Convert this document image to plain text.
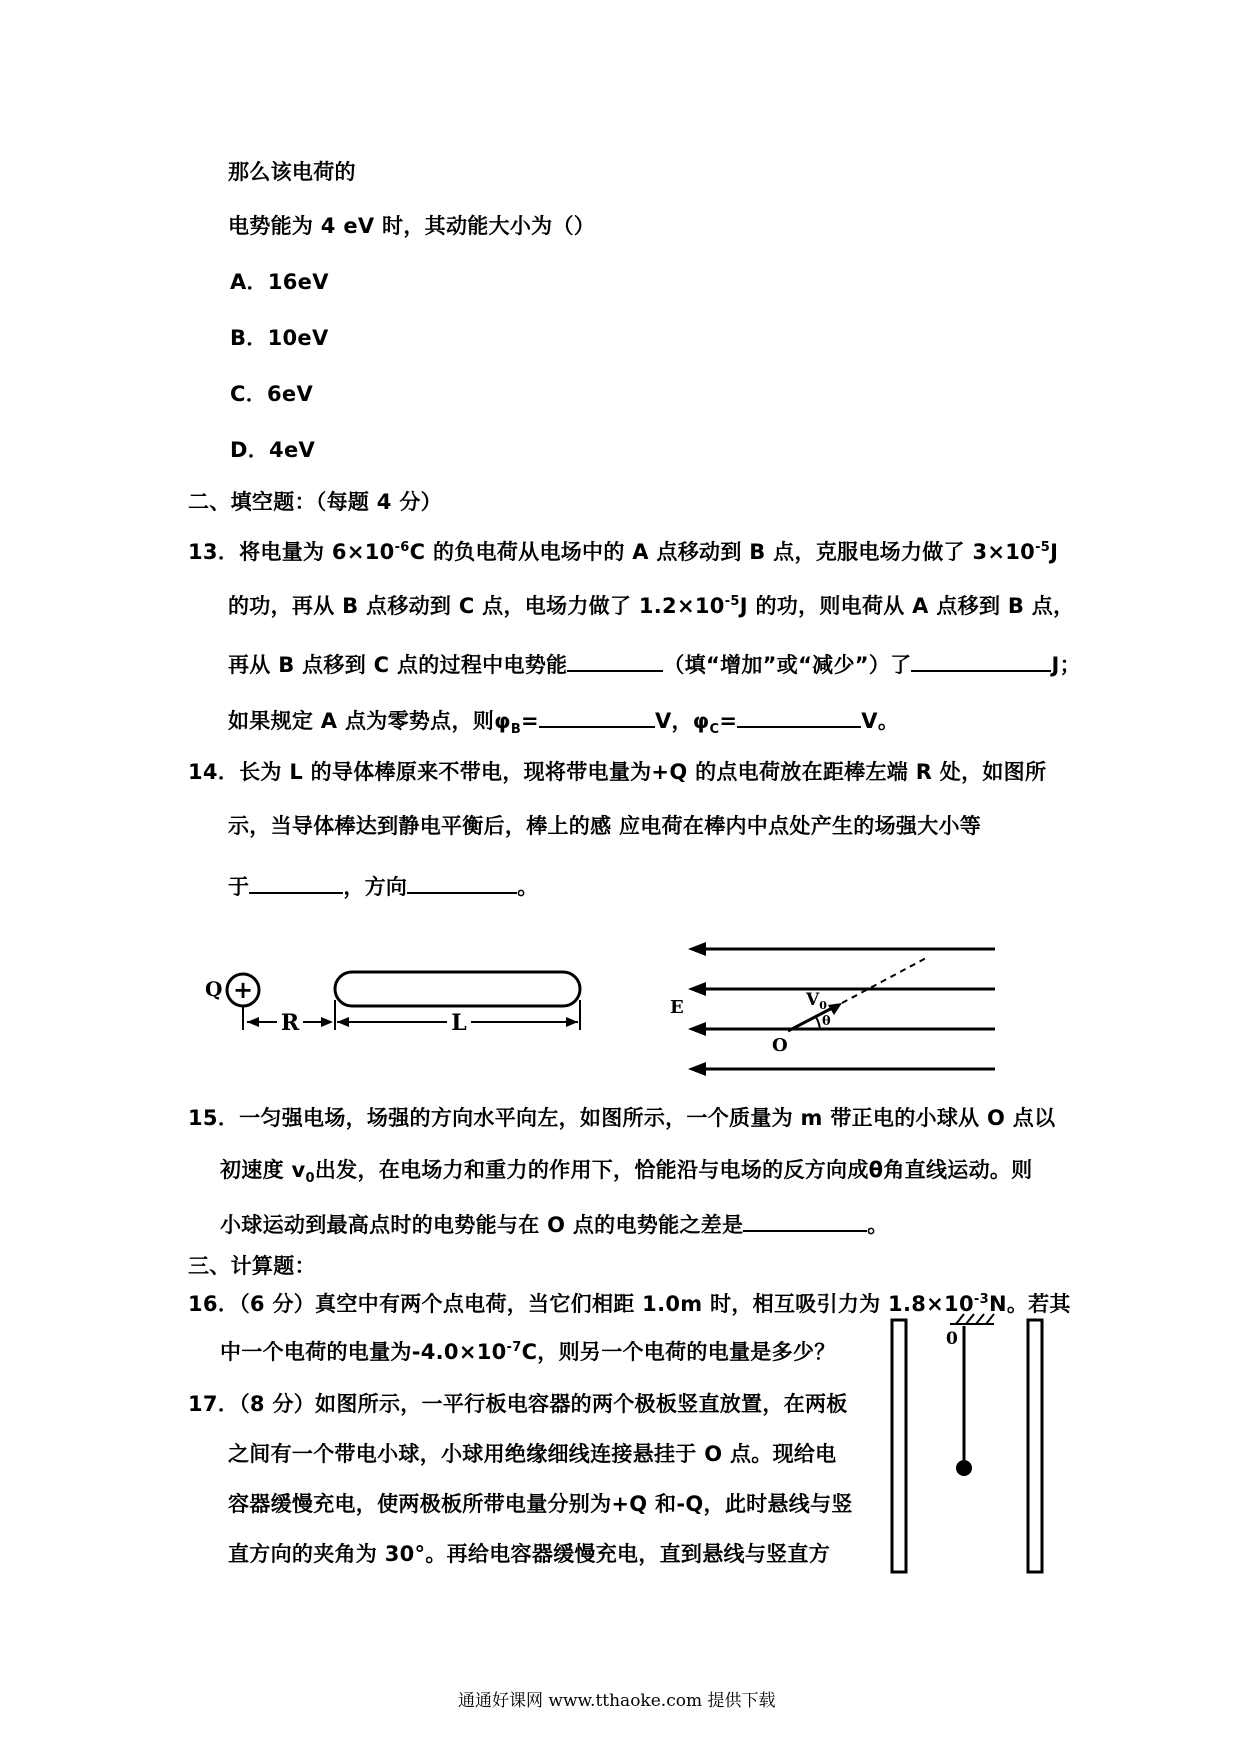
那么该电荷的
电势能为 4 eV 时，其动能大小为（）
A．16eV
B．10eV
C．6eV
D．4eV
二、填空题：（每题 4 分）
13．将电量为 $6\times 10^{-6}C$ 的负电荷从电场中的 A 点移动到 B 点，克服电场力做了 $3\times 10^{-5}J$
的功，再从 B 点移动到 C 点，电场力做了 $1.2\times 10^{-5}J$ 的功，则电荷从 A 点移到 B 点，
再从 B 点移到 C 点的过程中电势能	（填“增加”或“减少”）了	J；
如果规定 A 点为零势点，则$\varphi_B=$	V，$\varphi_C=$	V。
14．长为 L 的导体棒原来不带电，现将带电量为+Q 的点电荷放在距棒左端 R 处，如图所
示，当导体棒达到静电平衡后，棒上的感 应电荷在棒内中点处产生的场强大小等
于	，方向	。
Q +
R	L
E
O
$V_0$
θ
15．一匀强电场，场强的方向水平向左，如图所示，一个质量为 m 带正电的小球从 O 点以
初速度 $v_0$出发，在电场力和重力的作用下，恰能沿与电场的反方向成θ角直线运动。则
小球运动到最高点时的电势能与在 O 点的电势能之差是	。
三、计算题：
16．（6 分）真空中有两个点电荷，当它们相距 1.0m 时，相互吸引力为 $1.8\times 10^{-3}N$。若其
中一个电荷的电量为$-4.0\times 10^{-7}C$，则另一个电荷的电量是多少？
17．（8 分）如图所示，一平行板电容器的两个极板竖直放置，在两板
之间有一个带电小球，小球用绝缘细线连接悬挂于 O 点。现给电
容器缓慢充电，使两极板所带电量分别为+Q 和-Q，此时悬线与竖
直方向的夹角为 30°。再给电容器缓慢充电，直到悬线与竖直方
0
通通好课网 www.tthaoke.com 提供下载
